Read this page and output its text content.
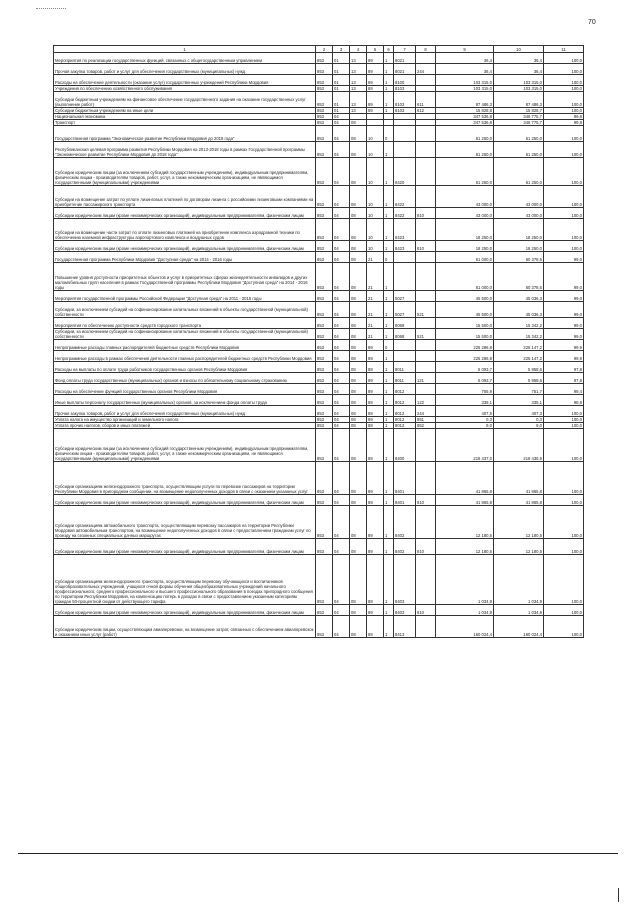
70
1	2	3	4	5	6	7	8	9	10	11
Мероприятия по реализации государственных функций, связанных с общегосударственным управлением	853	01	13	89	1	8021		36,4	36,4	100,0
Прочая закупка товаров, работ и услуг для обеспечения государственных (муниципальных) нужд	853	01	13	89	1	8021	244	36,4	36,4	100,0
Расходы на обеспечение деятельности (оказание услуг) государственных учреждений Республики Мордовия	853	01	13	89	1	8100		103 315,0	103 315,0	100,0
Учреждения по обеспечению хозяйственного обслуживания	853	01	13	89	1	8103		103 315,0	103 315,0	100,0
Субсидии бюджетным учреждениям на финансовое обеспечение государственного задания на оказание государственных услуг (выполнение работ)	853	01	13	89	1	8103	611	87 486,3	87 486,3	100,0
Субсидии бюджетным учреждениям на иные цели	853	01	13	89	1	8103	612	15 828,8	15 828,7	100,0
Национальная экономика	853	04						347 536,8	346 775,7	99,8
Транспорт	853	04	08					347 536,8	346 775,7	99,8
Государственная программа "Экономическое развитие Республики Мордовия до 2018 года"	853	04	08	10	0			61 250,0	61 250,0	100,0
Республиканская целевая программа развития Республики Мордовия на 2013-2018 годы в рамках Государственной программы "Экономическое развитие Республики Мордовия до 2018 года"	853	04	08	10	1			61 250,0	61 250,0	100,0
Субсидии юридическим лицам (за исключением субсидий государственным учреждениям), индивидуальным предпринимателям, физическим лицам - производителям товаров, работ, услуг, а также некоммерческим организациям, не являющимся государственными (муниципальными) учреждениями	853	04	08	10	1	8420		61 250,0	61 250,0	100,0
Субсидии на возмещение затрат по уплате лизинговых платежей по договорам лизинга с российскими лизинговыми компаниями на приобретение пассажирского транспорта	853	04	08	10	1	8422		43 000,0	43 000,0	100,0
Субсидии юридическим лицам (кроме некоммерческих организаций), индивидуальным предпринимателям, физическим лицам	853	04	08	10	1	8422	810	43 000,0	43 000,0	100,0
Субсидии на возмещение части затрат по оплате лизинговых платежей на приобретение комплекса аэродромной техники по обеспечению наземной инфраструктуры аэропортового комплекса и воздушных судов	853	04	08	10	1	8423		18 250,0	18 250,0	100,0
Субсидии юридическим лицам (кроме некоммерческих организаций), индивидуальным предпринимателям, физическим лицам	853	04	08	10	1	8423	810	18 250,0	18 250,0	100,0
Государственная программа Республики Мордовия "Доступная среда" на 2014 - 2016 годы	853	04	08	21	0			61 000,0	60 378,5	99,0
Повышение уровня доступности приоритетных объектов и услуг в приоритетных сферах жизнедеятельности инвалидов и других маломобильных групп населения в рамках Государственной программы Республики Мордовия "Доступная среда" на 2014 - 2016 годы	853	04	08	21	1			61 000,0	60 378,5	99,0
Мероприятия государственной программы Российской Федерации "Доступная среда" на 2011 - 2015 годы	853	04	08	21	1	5027		45 500,0	45 036,3	99,0
Субсидии, за исключением субсидий на софинансирование капитальных вложений в объекты государственной (муниципальной) собственности	853	04	08	21	1	5027	521	45 500,0	45 036,3	99,0
Мероприятия по обеспечению доступности средств городского транспорта	853	04	08	21	1	8068		15 500,0	15 342,2	99,0
Субсидии, за исключением субсидий на софинансирование капитальных вложений в объекты государственной (муниципальной) собственности	853	04	08	21	1	8068	521	15 500,0	15 342,2	99,0
Непрограммные расходы главных распорядителей бюджетных средств Республики Мордовия	853	04	08	89	0			225 286,8	225 147,2	99,9
Непрограммные расходы в рамках обеспечения деятельности главных распорядителей бюджетных средств Республики Мордовия	853	04	08	89	1			225 286,8	225 147,2	99,9
Расходы на выплаты по оплате труда работников государственных органов Республики Мордовия	853	04	08	89	1	8011		6 093,7	5 958,6	97,8
Фонд оплаты труда государственных (муниципальных) органов и взносы по обязательному социальному страхованию	853	04	08	89	1	8011	121	6 093,7	5 958,6	97,8
Расходы на обеспечение функций государственных органов Республики Мордовия	853	04	08	89	1	8012		755,9	751,7	99,4
Иные выплаты персоналу государственных (муниципальных) органов, за исключением фонда оплаты труда	853	04	08	89	1	8012	122	339,1	335,1	98,8
Прочая закупка товаров, работ и услуг для обеспечения государственных (муниципальных) нужд	853	04	08	89	1	8012	244	407,5	407,3	100,0
Уплата налога на имущество организаций и земельного налога	853	04	08	89	1	8012	851	0,3	0,3	100,0
Уплата прочих налогов, сборов и иных платежей	853	04	08	89	1	8012	852	9,0	9,0	100,0
Субсидии юридическим лицам (за исключением субсидий государственным учреждениям), индивидуальным предпринимателям, физическим лицам - производителям товаров, работ, услуг, а также некоммерческим организациям, не являющимся государственными (муниципальными) учреждениями	853	04	08	89	1	8400		218 437,0	218 436,9	100,0
Субсидии организациям железнодорожного транспорта, осуществляющим услуги по перевозке пассажиров на территории Республики Мордовия в пригородном сообщении, на возмещение недополученных доходов в связи с оказанием указанных услуг	853	04	08	89	1	8401		41 865,8	41 865,8	100,0
Субсидии юридическим лицам (кроме некоммерческих организаций), индивидуальным предпринимателям, физическим лицам	853	04	08	89	1	8401	810	41 865,8	41 865,8	100,0
Субсидии организациям автомобильного транспорта, осуществляющим перевозку пассажиров на территории Республики Мордовия автомобильным транспортом, на возмещение недополученных доходов в связи с предоставлением гражданам услуг по проезду на сезонных специальных дачных маршрутах	853	04	08	89	1	8402		12 180,5	12 180,5	100,0
Субсидии юридическим лицам (кроме некоммерческих организаций), индивидуальным предпринимателям, физическим лицам	853	04	08	89	1	8402	810	12 180,5	12 180,5	100,0
Субсидии организациям железнодорожного транспорта, осуществляющим перевозку обучающихся и воспитанников общеобразовательных учреждений, учащихся очной формы обучения общеобразовательных учреждений начального профессионального, среднего профессионального и высшего профессионального образования в поездах пригородного сообщения по территории Республики Мордовия, на компенсацию потерь в доходах в связи с предоставлением указанным категориям граждан 50-процентной скидки от действующего тарифа	853	04	08	89	1	8403		1 034,9	1 034,9	100,0
Субсидии юридическим лицам (кроме некоммерческих организаций), индивидуальным предпринимателям, физическим лицам	853	04	08	89	1	8403	810	1 034,9	1 034,9	100,0
Субсидии юридическим лицам, осуществляющим авиаперевозки, на возмещение затрат, связанных с обеспечением авиаперевозок и оказанием иных услуг (работ)	853	04	08	89	1	8413		160 024,4	160 024,4	100,0
